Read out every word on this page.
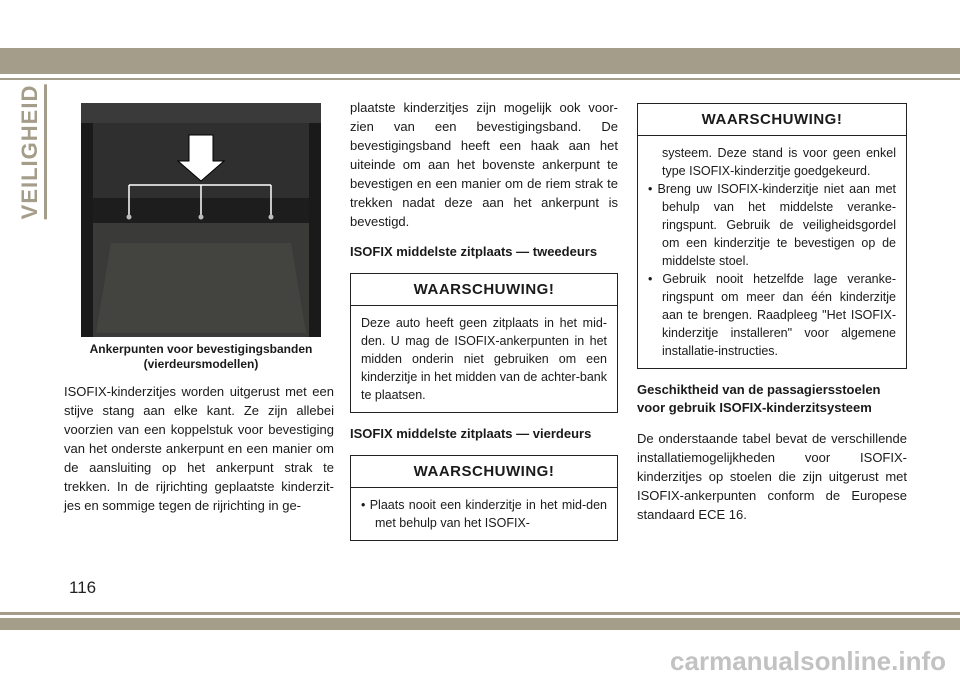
VEILIGHEID
Ankerpunten voor bevestigingsbanden
(vierdeursmodellen)

ISOFIX-kinderzitjes worden uitgerust met een stijve stang aan elke kant. Ze zijn allebei voorzien van een koppelstuk voor bevestiging van het onderste ankerpunt en een manier om de aansluiting op het ankerpunt strak te trekken. In de rijrichting geplaatste kinderzit-jes en sommige tegen de rijrichting in ge-

plaatste kinderzitjes zijn mogelijk ook voor-zien van een bevestigingsband. De bevestigingsband heeft een haak aan het uiteinde om aan het bovenste ankerpunt te bevestigen en een manier om de riem strak te trekken nadat deze aan het ankerpunt is bevestigd.

ISOFIX middelste zitplaats — tweedeurs
WAARSCHUWING!
Deze auto heeft geen zitplaats in het mid-den. U mag de ISOFIX-ankerpunten in het midden onderin niet gebruiken om een kinderzitje in het midden van de achter-bank te plaatsen.
ISOFIX middelste zitplaats — vierdeurs
WAARSCHUWING!
• Plaats nooit een kinderzitje in het mid-den met behulp van het ISOFIX-
WAARSCHUWING!
systeem. Deze stand is voor geen enkel type ISOFIX-kinderzitje goedgekeurd.
• Breng uw ISOFIX-kinderzitje niet aan met behulp van het middelste veranke-ringspunt. Gebruik de veiligheidsgordel om een kinderzitje te bevestigen op de middelste stoel.
• Gebruik nooit hetzelfde lage veranke-ringspunt om meer dan één kinderzitje aan te brengen. Raadpleeg "Het ISOFIX-kinderzitje installeren" voor algemene installatie-instructies.
Geschiktheid van de passagiersstoelen voor gebruik ISOFIX-kinderzitsysteem

De onderstaande tabel bevat de verschillende installatiemogelijkheden voor ISOFIX-kinderzitjes op stoelen die zijn uitgerust met ISOFIX-ankerpunten conform de Europese standaard ECE 16.

116
carmanualsonline.info
